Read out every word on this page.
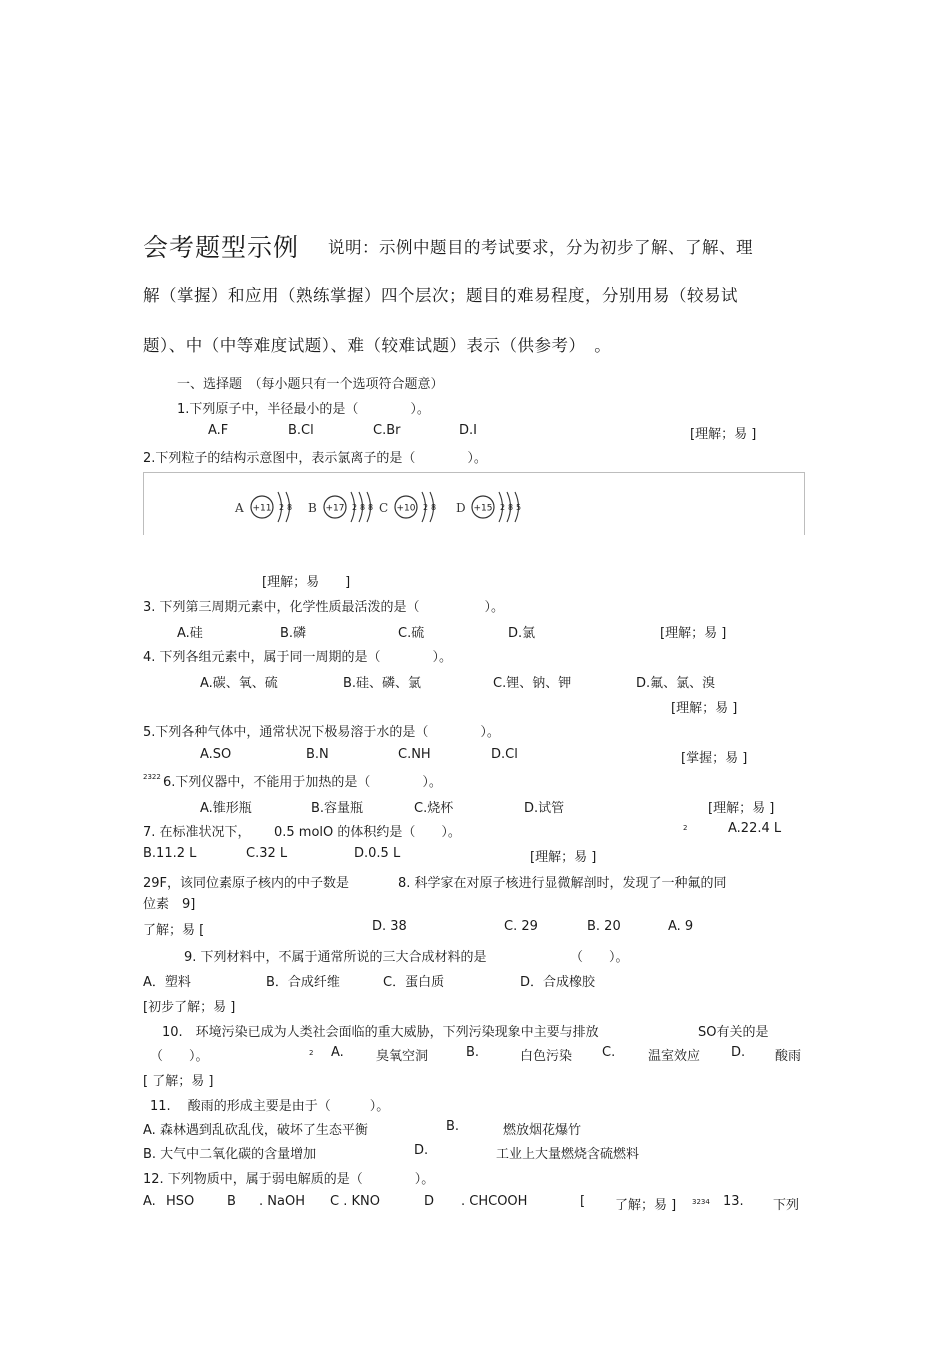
会考题型示例 说明：示例中题目的考试要求，分为初步了解、了解、理
解（掌握）和应用（熟练掌握）四个层次；题目的难易程度，分别用易（较易试
题）、中（中等难度试题）、难（较难试题）表示（供参考）　。
一、选择题　（每小题只有一个选项符合题意）
1.下列原子中，半径最小的是（　　　　）。
A.F	B.Cl	C.Br	D.I	[理解；易 ]
2.下列粒子的结构示意图中，表示氯离子的是（　　　　）。
A +11 2 8 B +17 2 8 8 C +10 2 8 D +15 2 8 5
[理解；易　　]
3. 下列第三周期元素中，化学性质最活泼的是（　　　　　）。
A.硅	B.磷	C.硫	D.氯	[理解；易 ]
4. 下列各组元素中，属于同一周期的是（　　　　）。
A.碳、氧、硫	B.硅、磷、氯	C.锂、钠、钾	D.氟、氯、溴
[理解；易 ]
5.下列各种气体中，通常状况下极易溶于水的是（　　　　）。
A.SO	B.N	C.NH	D.Cl	[掌握；易 ]
2322 6.下列仪器中，不能用于加热的是（　　　　）。
A.锥形瓶	B.容量瓶	C.烧杯	D.试管	[理解；易 ]
7. 在标准状况下， 0.5 molO 的体积约是（　　）。	2	A.22.4 L
B.11.2 L	C.32 L	D.0.5 L	[理解；易 ]
29F，该同位素原子核内的中子数是	8. 科学家在对原子核进行显微解剖时，发现了一种氟的同
位素　9]
了解；易 [	D. 38	C. 29	B. 20	A. 9
9. 下列材料中，不属于通常所说的三大合成材料的是	（　　）。
A．塑料	B．合成纤维	C．蛋白质	D．合成橡胶
[初步了解；易 ]
10.　环境污染已成为人类社会面临的重大威胁，下列污染现象中主要与排放	SO有关的是
（　　）。	2 A. 臭氧空洞	B.	白色污染 C.	温室效应 D. 酸雨
[ 了解；易 ]
11.　 酸雨的形成主要是由于（　　　）。
A. 森林遇到乱砍乱伐，破坏了生态平衡	B.	燃放烟花爆竹
B. 大气中二氧化碳的含量增加	D.	工业上大量燃烧含硫燃料
12. 下列物质中，属于弱电解质的是（　　　　）。
A. HSO	B . NaOH C . KNO	D . CHCOOH	[ 了解；易 ] 3234 13. 下列
